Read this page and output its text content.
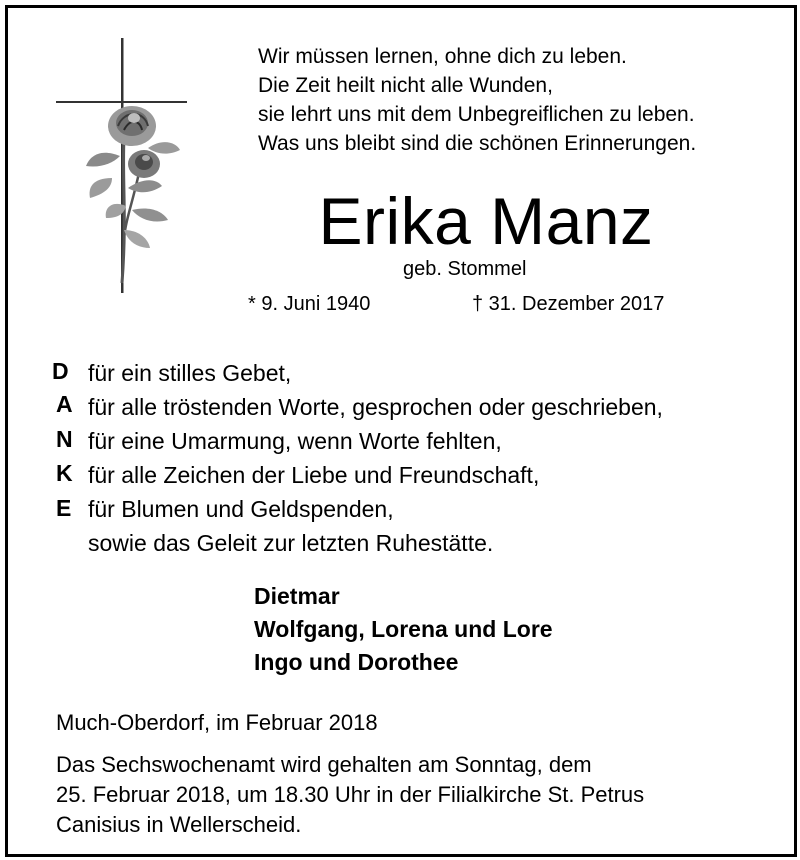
Wir müssen lernen, ohne dich zu leben.
Die Zeit heilt nicht alle Wunden,
sie lehrt uns mit dem Unbegreiflichen zu leben.
Was uns bleibt sind die schönen Erinnerungen.
Erika Manz
geb. Stommel
* 9. Juni 1940	† 31. Dezember 2017
D
A
N
K
E
für ein stilles Gebet,
für alle tröstenden Worte, gesprochen oder geschrieben,
für eine Umarmung, wenn Worte fehlten,
für alle Zeichen der Liebe und Freundschaft,
für Blumen und Geldspenden,
sowie das Geleit zur letzten Ruhestätte.
Dietmar
Wolfgang, Lorena und Lore
Ingo und Dorothee
Much-Oberdorf, im Februar 2018
Das Sechswochenamt wird gehalten am Sonntag, dem
25. Februar 2018, um 18.30 Uhr in der Filialkirche St. Petrus
Canisius in Wellerscheid.
